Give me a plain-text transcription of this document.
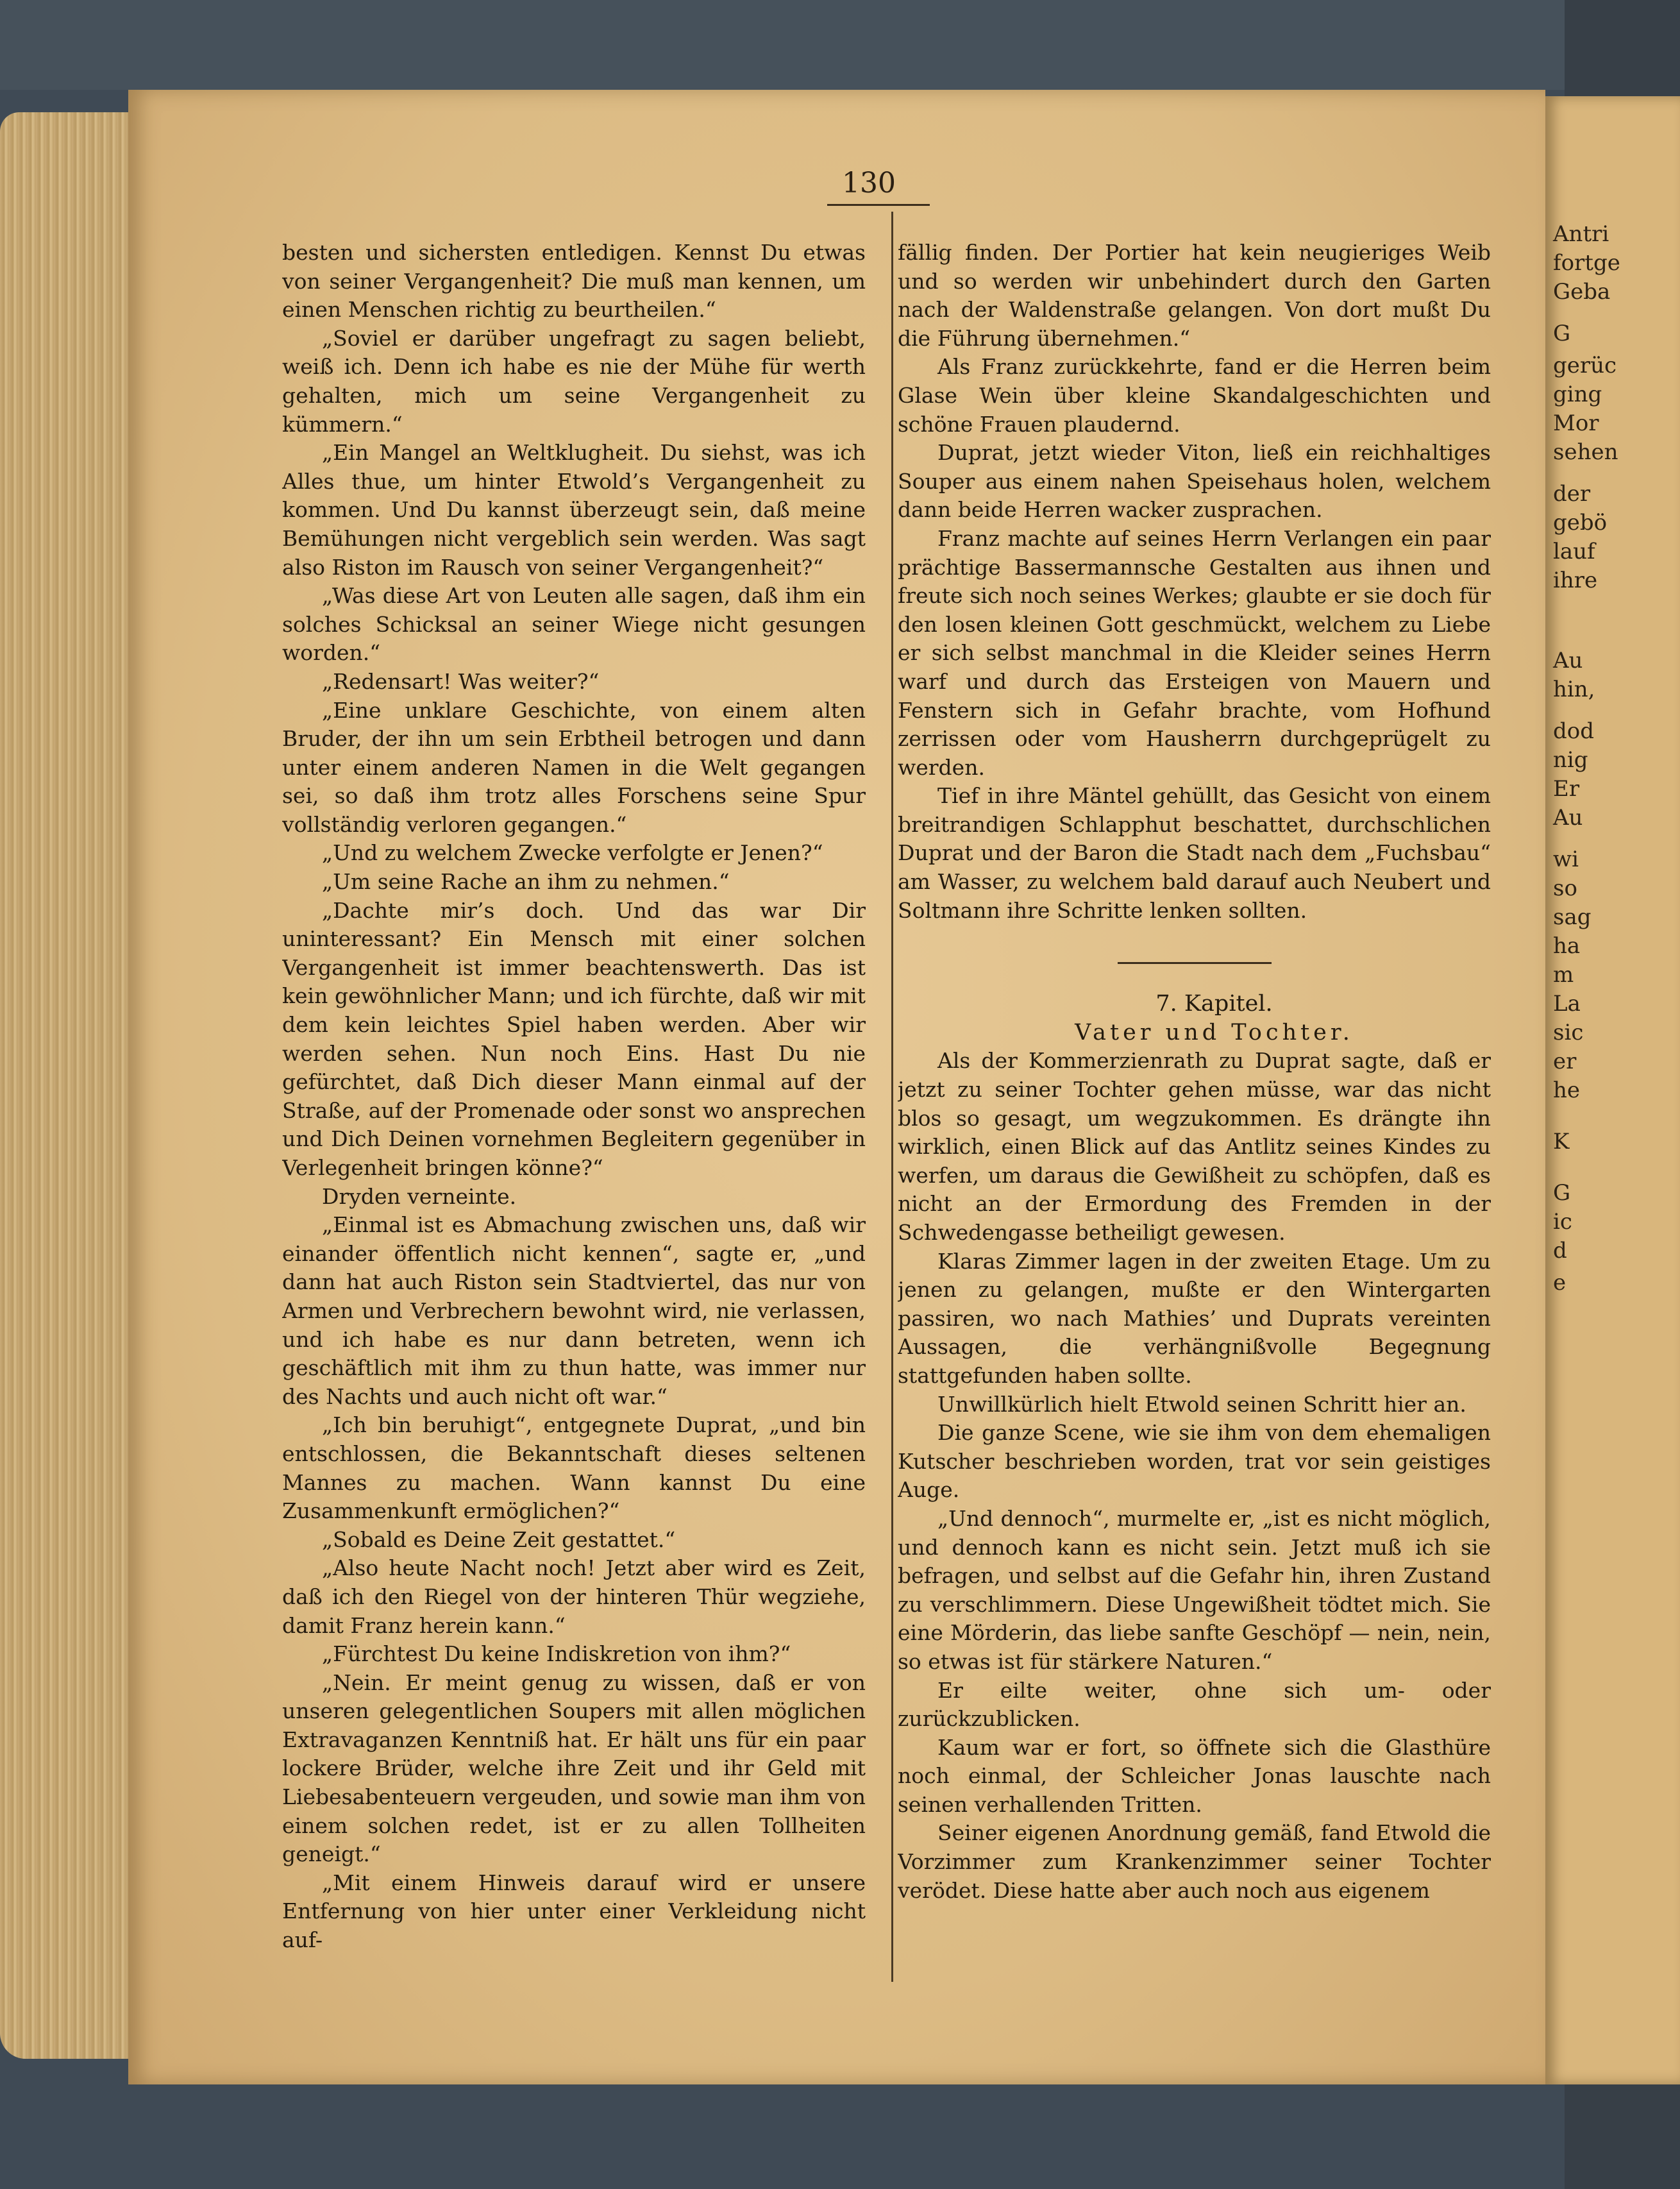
Antri
fortge
Geba
G
gerüc
ging
Mor
sehen
der
gebö
lauf
ihre
Au
hin,
dod
nig
Er
Au
wi
so
sag
ha
m
La
sic
er
he
K
G
ic
d
e
130

besten und sichersten entledigen. Kennst Du etwas von seiner Vergangenheit? Die muß man kennen, um einen Menschen richtig zu beurtheilen.“

„Soviel er darüber ungefragt zu sagen beliebt, weiß ich. Denn ich habe es nie der Mühe für werth gehalten, mich um seine Vergangenheit zu kümmern.“

„Ein Mangel an Weltklugheit. Du siehst, was ich Alles thue, um hinter Etwold’s Vergangenheit zu kommen. Und Du kannst überzeugt sein, daß meine Bemühungen nicht vergeblich sein werden. Was sagt also Riston im Rausch von seiner Vergangenheit?“

„Was diese Art von Leuten alle sagen, daß ihm ein solches Schicksal an seiner Wiege nicht gesungen worden.“

„Redensart! Was weiter?“

„Eine unklare Geschichte, von einem alten Bruder, der ihn um sein Erbtheil betrogen und dann unter einem anderen Namen in die Welt gegangen sei, so daß ihm trotz alles Forschens seine Spur vollständig verloren gegangen.“

„Und zu welchem Zwecke verfolgte er Jenen?“

„Um seine Rache an ihm zu nehmen.“

„Dachte mir’s doch. Und das war Dir uninteressant? Ein Mensch mit einer solchen Vergangenheit ist immer beachtenswerth. Das ist kein gewöhnlicher Mann; und ich fürchte, daß wir mit dem kein leichtes Spiel haben werden. Aber wir werden sehen. Nun noch Eins. Hast Du nie gefürchtet, daß Dich dieser Mann einmal auf der Straße, auf der Promenade oder sonst wo ansprechen und Dich Deinen vornehmen Begleitern gegenüber in Verlegenheit bringen könne?“

Dryden verneinte.

„Einmal ist es Abmachung zwischen uns, daß wir einander öffentlich nicht kennen“, sagte er, „und dann hat auch Riston sein Stadtviertel, das nur von Armen und Verbrechern bewohnt wird, nie verlassen, und ich habe es nur dann betreten, wenn ich geschäftlich mit ihm zu thun hatte, was immer nur des Nachts und auch nicht oft war.“

„Ich bin beruhigt“, entgegnete Duprat, „und bin entschlossen, die Bekanntschaft dieses seltenen Mannes zu machen. Wann kannst Du eine Zusammenkunft ermöglichen?“

„Sobald es Deine Zeit gestattet.“

„Also heute Nacht noch! Jetzt aber wird es Zeit, daß ich den Riegel von der hinteren Thür wegziehe, damit Franz herein kann.“

„Fürchtest Du keine Indiskretion von ihm?“

„Nein. Er meint genug zu wissen, daß er von unseren gelegentlichen Soupers mit allen möglichen Extravaganzen Kenntniß hat. Er hält uns für ein paar lockere Brüder, welche ihre Zeit und ihr Geld mit Liebesabenteuern vergeuden, und sowie man ihm von einem solchen redet, ist er zu allen Tollheiten geneigt.“

„Mit einem Hinweis darauf wird er unsere Entfernung von hier unter einer Verkleidung nicht auf-

fällig finden. Der Portier hat kein neugieriges Weib und so werden wir unbehindert durch den Garten nach der Waldenstraße gelangen. Von dort mußt Du die Führung übernehmen.“

Als Franz zurückkehrte, fand er die Herren beim Glase Wein über kleine Skandalgeschichten und schöne Frauen plaudernd.

Duprat, jetzt wieder Viton, ließ ein reichhaltiges Souper aus einem nahen Speisehaus holen, welchem dann beide Herren wacker zusprachen.

Franz machte auf seines Herrn Verlangen ein paar prächtige Bassermannsche Gestalten aus ihnen und freute sich noch seines Werkes; glaubte er sie doch für den losen kleinen Gott geschmückt, welchem zu Liebe er sich selbst manchmal in die Kleider seines Herrn warf und durch das Ersteigen von Mauern und Fenstern sich in Gefahr brachte, vom Hofhund zerrissen oder vom Hausherrn durchgeprügelt zu werden.

Tief in ihre Mäntel gehüllt, das Gesicht von einem breitrandigen Schlapphut beschattet, durchschlichen Duprat und der Baron die Stadt nach dem „Fuchsbau“ am Wasser, zu welchem bald darauf auch Neubert und Soltmann ihre Schritte lenken sollten.

7. Kapitel.

Vater und Tochter.

Als der Kommerzienrath zu Duprat sagte, daß er jetzt zu seiner Tochter gehen müsse, war das nicht blos so gesagt, um wegzukommen. Es drängte ihn wirklich, einen Blick auf das Antlitz seines Kindes zu werfen, um daraus die Gewißheit zu schöpfen, daß es nicht an der Ermordung des Fremden in der Schwedengasse betheiligt gewesen.

Klaras Zimmer lagen in der zweiten Etage. Um zu jenen zu gelangen, mußte er den Wintergarten passiren, wo nach Mathies’ und Duprats vereinten Aussagen, die verhängnißvolle Begegnung stattgefunden haben sollte.

Unwillkürlich hielt Etwold seinen Schritt hier an.

Die ganze Scene, wie sie ihm von dem ehemaligen Kutscher beschrieben worden, trat vor sein geistiges Auge.

„Und dennoch“, murmelte er, „ist es nicht möglich, und dennoch kann es nicht sein. Jetzt muß ich sie befragen, und selbst auf die Gefahr hin, ihren Zustand zu verschlimmern. Diese Ungewißheit tödtet mich. Sie eine Mörderin, das liebe sanfte Geschöpf — nein, nein, so etwas ist für stärkere Naturen.“

Er eilte weiter, ohne sich um- oder zurückzublicken.

Kaum war er fort, so öffnete sich die Glasthüre noch einmal, der Schleicher Jonas lauschte nach seinen verhallenden Tritten.

Seiner eigenen Anordnung gemäß, fand Etwold die Vorzimmer zum Krankenzimmer seiner Tochter verödet. Diese hatte aber auch noch aus eigenem
